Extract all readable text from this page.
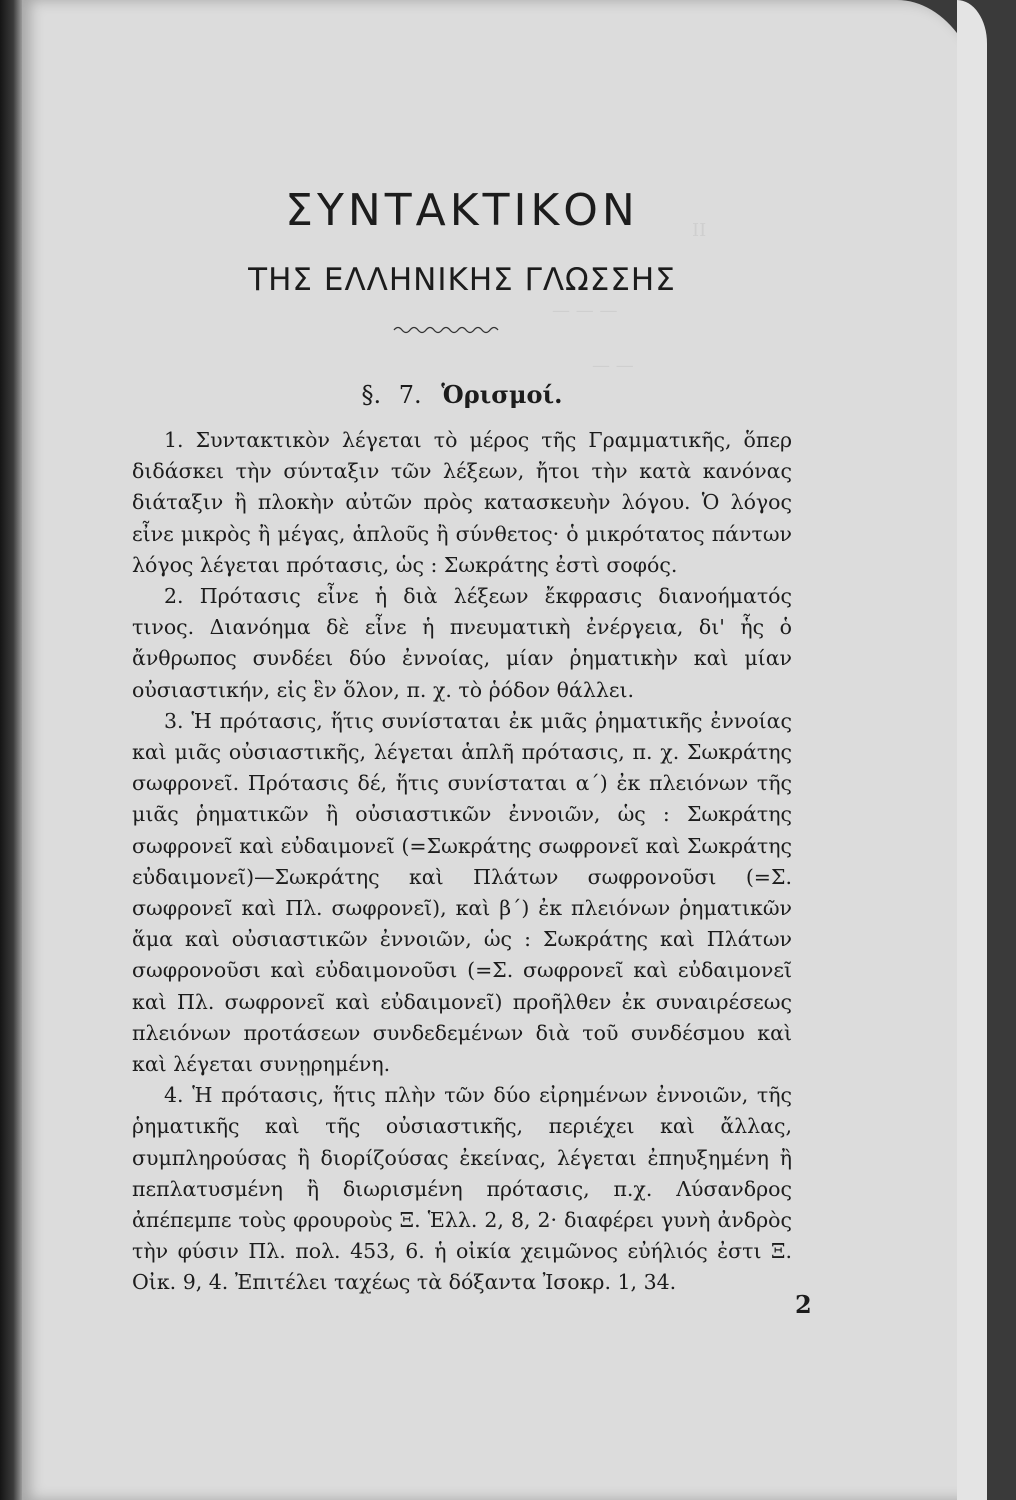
II
— — —
— —
ΣΥΝΤΑΚΤΙΚΟΝ
ΤΗΣ ΕΛΛΗΝΙΚΗΣ ΓΛΩΣΣΗΣ
§. 7. Ὁρισμοί.

1. Συντακτικὸν λέγεται τὸ μέρος τῆς Γραμματικῆς, ὅπερ διδάσκει τὴν σύνταξιν τῶν λέξεων, ἤτοι τὴν κατὰ κανόνας διάταξιν ἢ πλοκὴν αὐτῶν πρὸς κατασκευὴν λόγου. Ὁ λόγος εἶνε μικρὸς ἢ μέγας, ἁπλοῦς ἢ σύνθετος· ὁ μικρότατος πάντων λόγος λέγεται πρότασις, ὡς : Σωκράτης ἐστὶ σοφός.

2. Πρότασις εἶνε ἡ διὰ λέξεων ἔκφρασις διανοήματός τινος. Διανόημα δὲ εἶνε ἡ πνευματικὴ ἐνέργεια, δι' ἧς ὁ ἄνθρωπος συνδέει δύο ἐννοίας, μίαν ῥηματικὴν καὶ μίαν οὐσιαστικήν, εἰς ἓν ὅλον, π. χ. τὸ ῥόδον θάλλει.

3. Ἡ πρότασις, ἥτις συνίσταται ἐκ μιᾶς ῥηματικῆς ἐννοίας καὶ μιᾶς οὐσιαστικῆς, λέγεται ἁπλῆ πρότασις, π. χ. Σωκράτης σωφρονεῖ. Πρότασις δέ, ἥτις συνίσταται α´) ἐκ πλειόνων τῆς μιᾶς ῥηματικῶν ἢ οὐσιαστικῶν ἐννοιῶν, ὡς : Σωκράτης σωφρονεῖ καὶ εὐδαιμονεῖ (=Σωκράτης σωφρονεῖ καὶ Σωκράτης εὐδαιμονεῖ)—Σωκράτης καὶ Πλάτων σωφρονοῦσι (=Σ. σωφρονεῖ καὶ Πλ. σωφρονεῖ), καὶ β´) ἐκ πλειόνων ῥηματικῶν ἅμα καὶ οὐσιαστικῶν ἐννοιῶν, ὡς : Σωκράτης καὶ Πλάτων σωφρονοῦσι καὶ εὐδαιμονοῦσι (=Σ. σωφρονεῖ καὶ εὐδαιμονεῖ καὶ Πλ. σωφρονεῖ καὶ εὐδαιμονεῖ) προῆλθεν ἐκ συναιρέσεως πλειόνων προτάσεων συνδεδεμένων διὰ τοῦ συνδέσμου καὶ καὶ λέγεται συνῃρημένη.

4. Ἡ πρότασις, ἥτις πλὴν τῶν δύο εἰρημένων ἐννοιῶν, τῆς ῥηματικῆς καὶ τῆς οὐσιαστικῆς, περιέχει καὶ ἄλλας, συμπληρούσας ἢ διορίζούσας ἐκείνας, λέγεται ἐπηυξημένη ἢ πεπλατυσμένη ἢ διωρισμένη πρότασις, π.χ. Λύσανδρος ἀπέπεμπε τοὺς φρουροὺς Ξ. Ἑλλ. 2, 8, 2· διαφέρει γυνὴ ἀνδρὸς τὴν φύσιν Πλ. πολ. 453, 6. ἡ οἰκία χειμῶνος εὐήλιός ἐστι Ξ. Οἰκ. 9, 4. Ἐπιτέλει ταχέως τὰ δόξαντα Ἰσοκρ. 1, 34.

2
